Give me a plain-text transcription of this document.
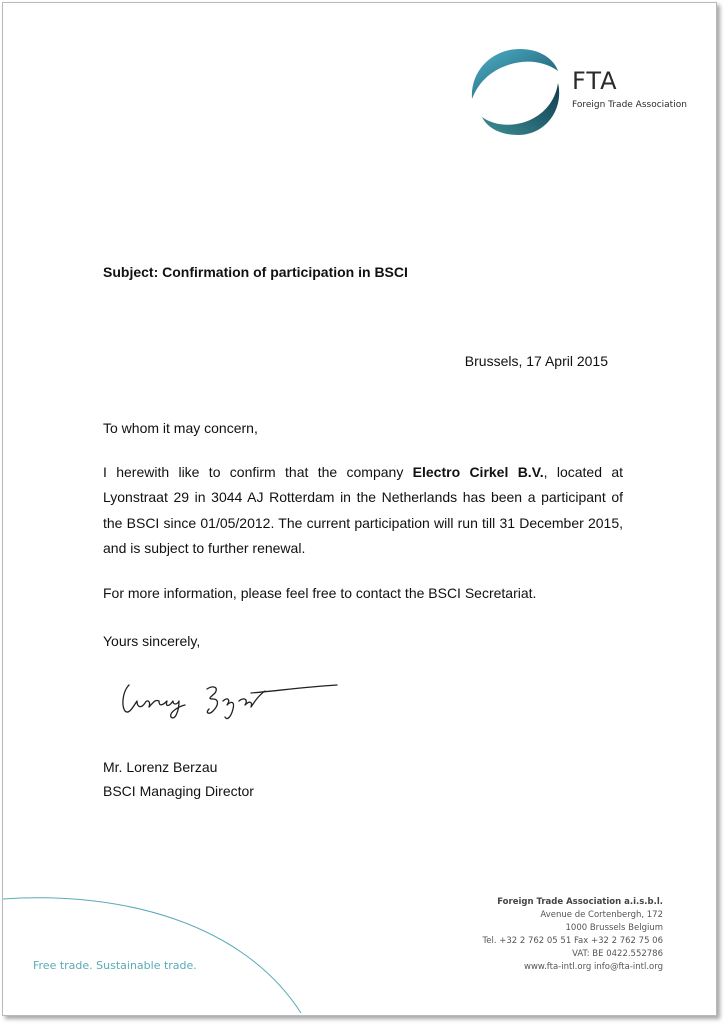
FTA
Foreign Trade Association
Subject: Confirmation of participation in BSCI
Brussels, 17 April 2015
To whom it may concern,
I herewith like to confirm that the company Electro Cirkel B.V., located at Lyonstraat 29 in 3044 AJ Rotterdam in the Netherlands has been a participant of the BSCI since 01/05/2012. The current participation will run till 31 December 2015, and is subject to further renewal.
For more information, please feel free to contact the BSCI Secretariat.
Yours sincerely,
Mr. Lorenz Berzau
BSCI Managing Director
Free trade. Sustainable trade.
Foreign Trade Association a.i.s.b.l.
Avenue de Cortenbergh, 172
1000 Brussels Belgium
Tel. +32 2 762 05 51 Fax +32 2 762 75 06
VAT: BE 0422.552786
www.fta-intl.org info@fta-intl.org
